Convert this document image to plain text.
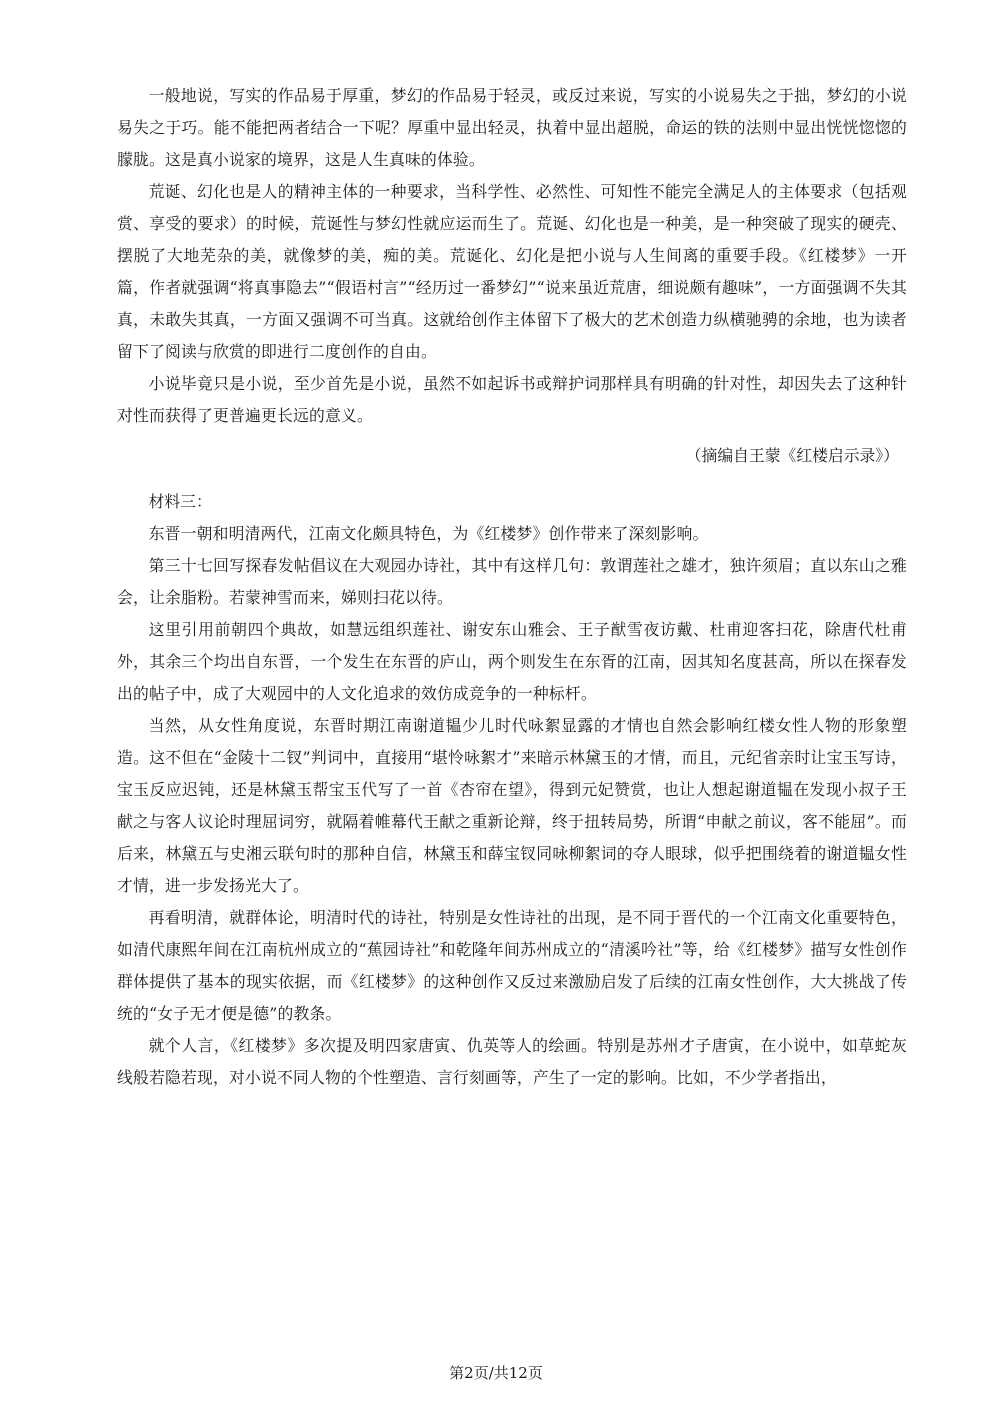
一般地说，写实的作品易于厚重，梦幻的作品易于轻灵，或反过来说，写实的小说易失之于拙，梦幻的小说易失之于巧。能不能把两者结合一下呢？厚重中显出轻灵，执着中显出超脱，命运的铁的法则中显出恍恍惚惚的朦胧。这是真小说家的境界，这是人生真味的体验。

荒诞、幻化也是人的精神主体的一种要求，当科学性、必然性、可知性不能完全满足人的主体要求（包括观赏、享受的要求）的时候，荒诞性与梦幻性就应运而生了。荒诞、幻化也是一种美，是一种突破了现实的硬壳、摆脱了大地芜杂的美，就像梦的美，痴的美。荒诞化、幻化是把小说与人生间离的重要手段。《红楼梦》一开篇，作者就强调“将真事隐去”“假语村言”“经历过一番梦幻”“说来虽近荒唐，细说颇有趣味”，一方面强调不失其真，未敢失其真，一方面又强调不可当真。这就给创作主体留下了极大的艺术创造力纵横驰骋的余地，也为读者留下了阅读与欣赏的即进行二度创作的自由。

小说毕竟只是小说，至少首先是小说，虽然不如起诉书或辩护词那样具有明确的针对性，却因失去了这种针对性而获得了更普遍更长远的意义。

（摘编自王蒙《红楼启示录》）

材料三：

东晋一朝和明清两代，江南文化颇具特色，为《红楼梦》创作带来了深刻影响。

第三十七回写探春发帖倡议在大观园办诗社，其中有这样几句：敦谓莲社之雄才，独许须眉；直以东山之雅会，让余脂粉。若蒙神雪而来，娣则扫花以待。

这里引用前朝四个典故，如慧远组织莲社、谢安东山雅会、王子猷雪夜访戴、杜甫迎客扫花，除唐代杜甫外，其余三个均出自东晋，一个发生在东晋的庐山，两个则发生在东胥的江南，因其知名度甚高，所以在探春发出的帖子中，成了大观园中的人文化追求的效仿成竞争的一种标杆。

当然，从女性角度说，东晋时期江南谢道韫少儿时代咏絮显露的才情也自然会影响红楼女性人物的形象塑造。这不但在“金陵十二钗”判词中，直接用“堪怜咏絮才”来暗示林黛玉的才情，而且，元纪省亲时让宝玉写诗，宝玉反应迟钝，还是林黛玉帮宝玉代写了一首《杏帘在望》，得到元妃赞赏，也让人想起谢道韫在发现小叔子王献之与客人议论时理屈词穷，就隔着帷幕代王献之重新论辩，终于扭转局势，所谓“申献之前议，客不能屈”。而后来，林黛五与史湘云联句时的那种自信，林黛玉和薛宝钗同咏柳絮词的夺人眼球，似乎把围绕着的谢道韫女性才情，进一步发扬光大了。

再看明清，就群体论，明清时代的诗社，特别是女性诗社的出现，是不同于晋代的一个江南文化重要特色，如清代康熙年间在江南杭州成立的“蕉园诗社”和乾隆年间苏州成立的“清溪吟社”等，给《红楼梦》描写女性创作群体提供了基本的现实依据，而《红楼梦》的这种创作又反过来激励启发了后续的江南女性创作，大大挑战了传统的“女子无才便是德”的教条。

就个人言，《红楼梦》多次提及明四家唐寅、仇英等人的绘画。特别是苏州才子唐寅，在小说中，如草蛇灰线般若隐若现，对小说不同人物的个性塑造、言行刻画等，产生了一定的影响。比如，不少学者指出，

第2页/共12页
